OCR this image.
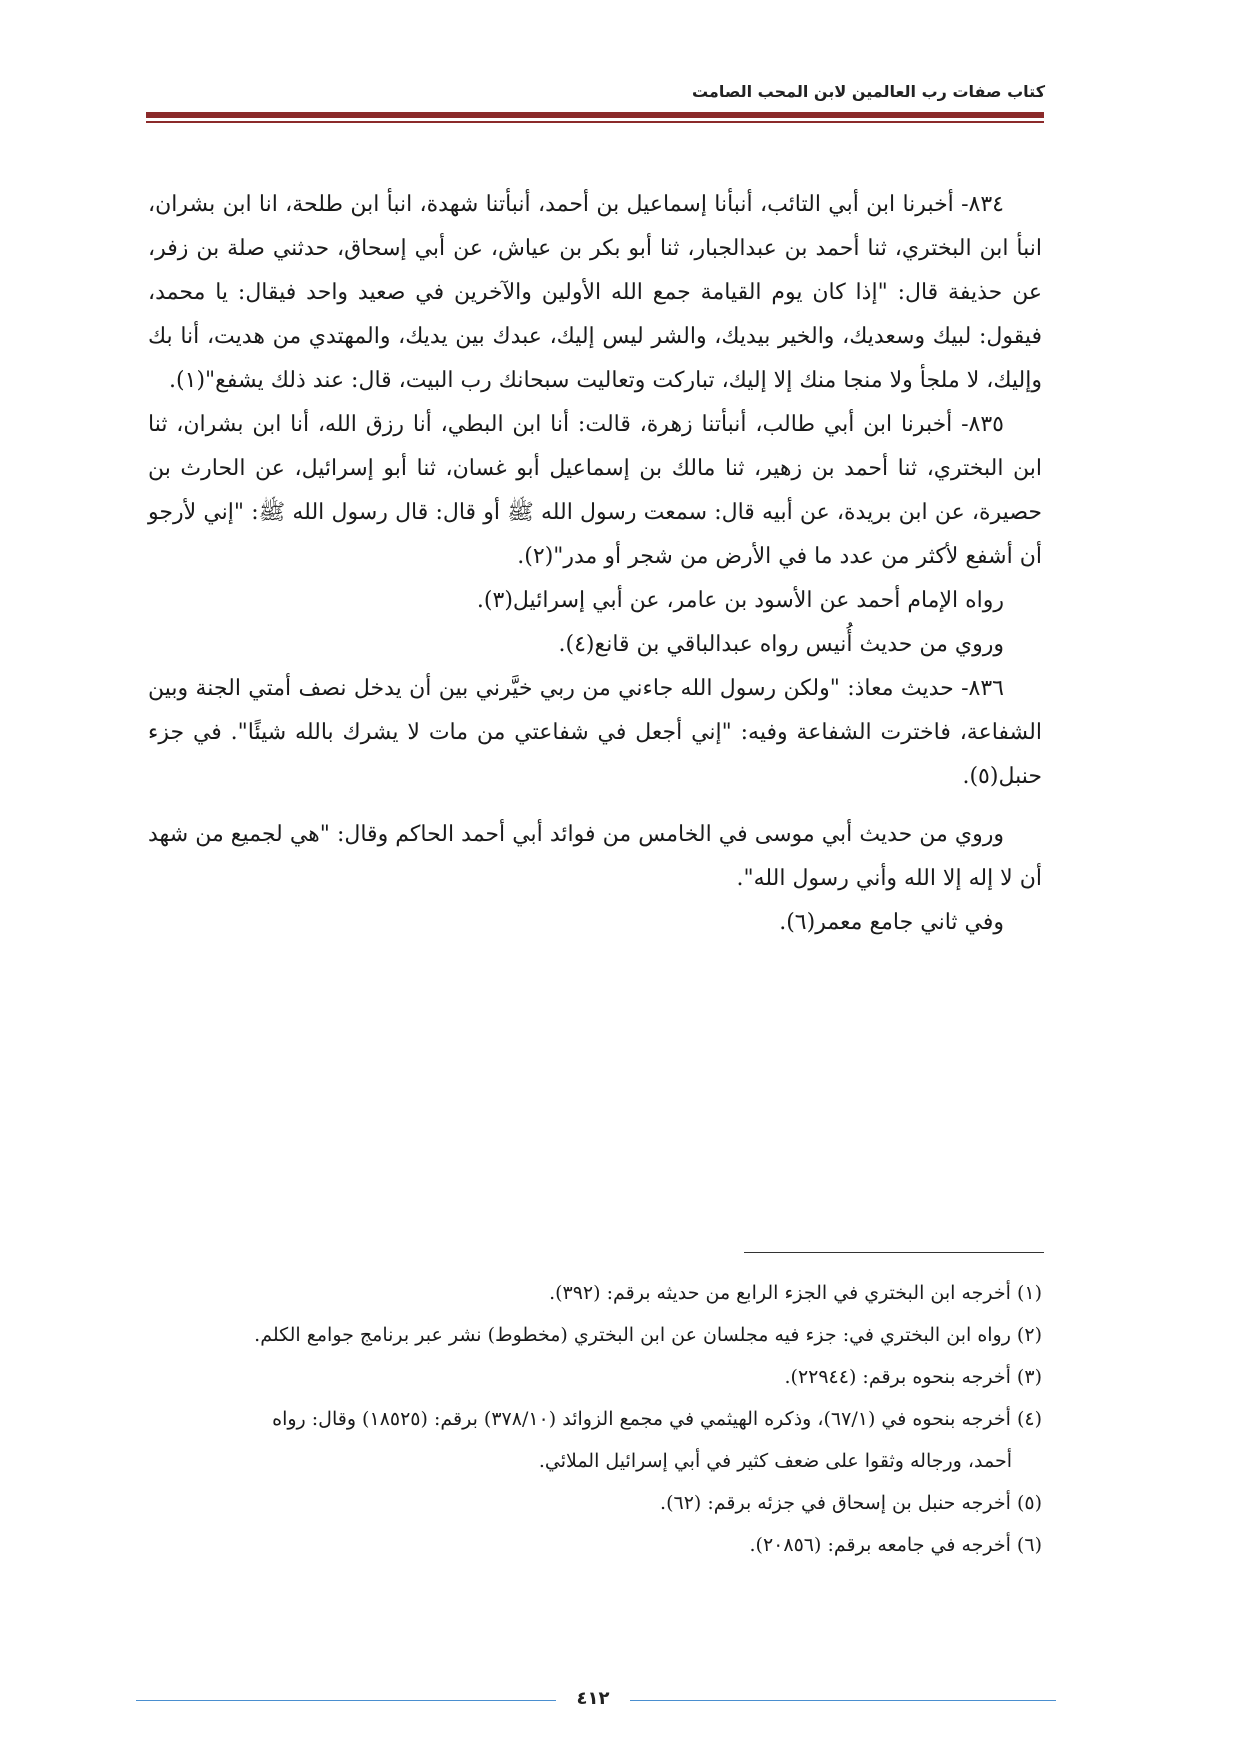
كتاب صفات رب العالمين لابن المحب الصامت

٨٣٤- أخبرنا ابن أبي التائب، أنبأنا إسماعيل بن أحمد، أنبأتنا شهدة، انبأ ابن طلحة، انا ابن بشران، انبأ ابن البختري، ثنا أحمد بن عبدالجبار، ثنا أبو بكر بن عياش، عن أبي إسحاق، حدثني صلة بن زفر، عن حذيفة قال: "إذا كان يوم القيامة جمع الله الأولين والآخرين في صعيد واحد فيقال: يا محمد، فيقول: لبيك وسعديك، والخير بيديك، والشر ليس إليك، عبدك بين يديك، والمهتدي من هديت، أنا بك وإليك، لا ملجأ ولا منجا منك إلا إليك، تباركت وتعاليت سبحانك رب البيت، قال: عند ذلك يشفع"(١).

٨٣٥- أخبرنا ابن أبي طالب، أنبأتنا زهرة، قالت: أنا ابن البطي، أنا رزق الله، أنا ابن بشران، ثنا ابن البختري، ثنا أحمد بن زهير، ثنا مالك بن إسماعيل أبو غسان، ثنا أبو إسرائيل، عن الحارث بن حصيرة، عن ابن بريدة، عن أبيه قال: سمعت رسول الله ﷺ أو قال: قال رسول الله ﷺ: "إني لأرجو أن أشفع لأكثر من عدد ما في الأرض من شجر أو مدر"(٢).

رواه الإمام أحمد عن الأسود بن عامر، عن أبي إسرائيل(٣).

وروي من حديث أُنيس رواه عبدالباقي بن قانع(٤).

٨٣٦- حديث معاذ: "ولكن رسول الله جاءني من ربي خيَّرني بين أن يدخل نصف أمتي الجنة وبين الشفاعة، فاخترت الشفاعة وفيه: "إني أجعل في شفاعتي من مات لا يشرك بالله شيئًا". في جزء حنبل(٥).

وروي من حديث أبي موسى في الخامس من فوائد أبي أحمد الحاكم وقال: "هي لجميع من شهد أن لا إله إلا الله وأني رسول الله".

وفي ثاني جامع معمر(٦).

(١) أخرجه ابن البختري في الجزء الرابع من حديثه برقم: (٣٩٢).

(٢) رواه ابن البختري في: جزء فيه مجلسان عن ابن البختري (مخطوط) نشر عبر برنامج جوامع الكلم.

(٣) أخرجه بنحوه برقم: (٢٢٩٤٤).

(٤) أخرجه بنحوه في (٦٧/١)، وذكره الهيثمي في مجمع الزوائد (٣٧٨/١٠) برقم: (١٨٥٢٥) وقال: رواه

أحمد، ورجاله وثقوا على ضعف كثير في أبي إسرائيل الملائي.

(٥) أخرجه حنبل بن إسحاق في جزئه برقم: (٦٢).

(٦) أخرجه في جامعه برقم: (٢٠٨٥٦).

٤١٢
